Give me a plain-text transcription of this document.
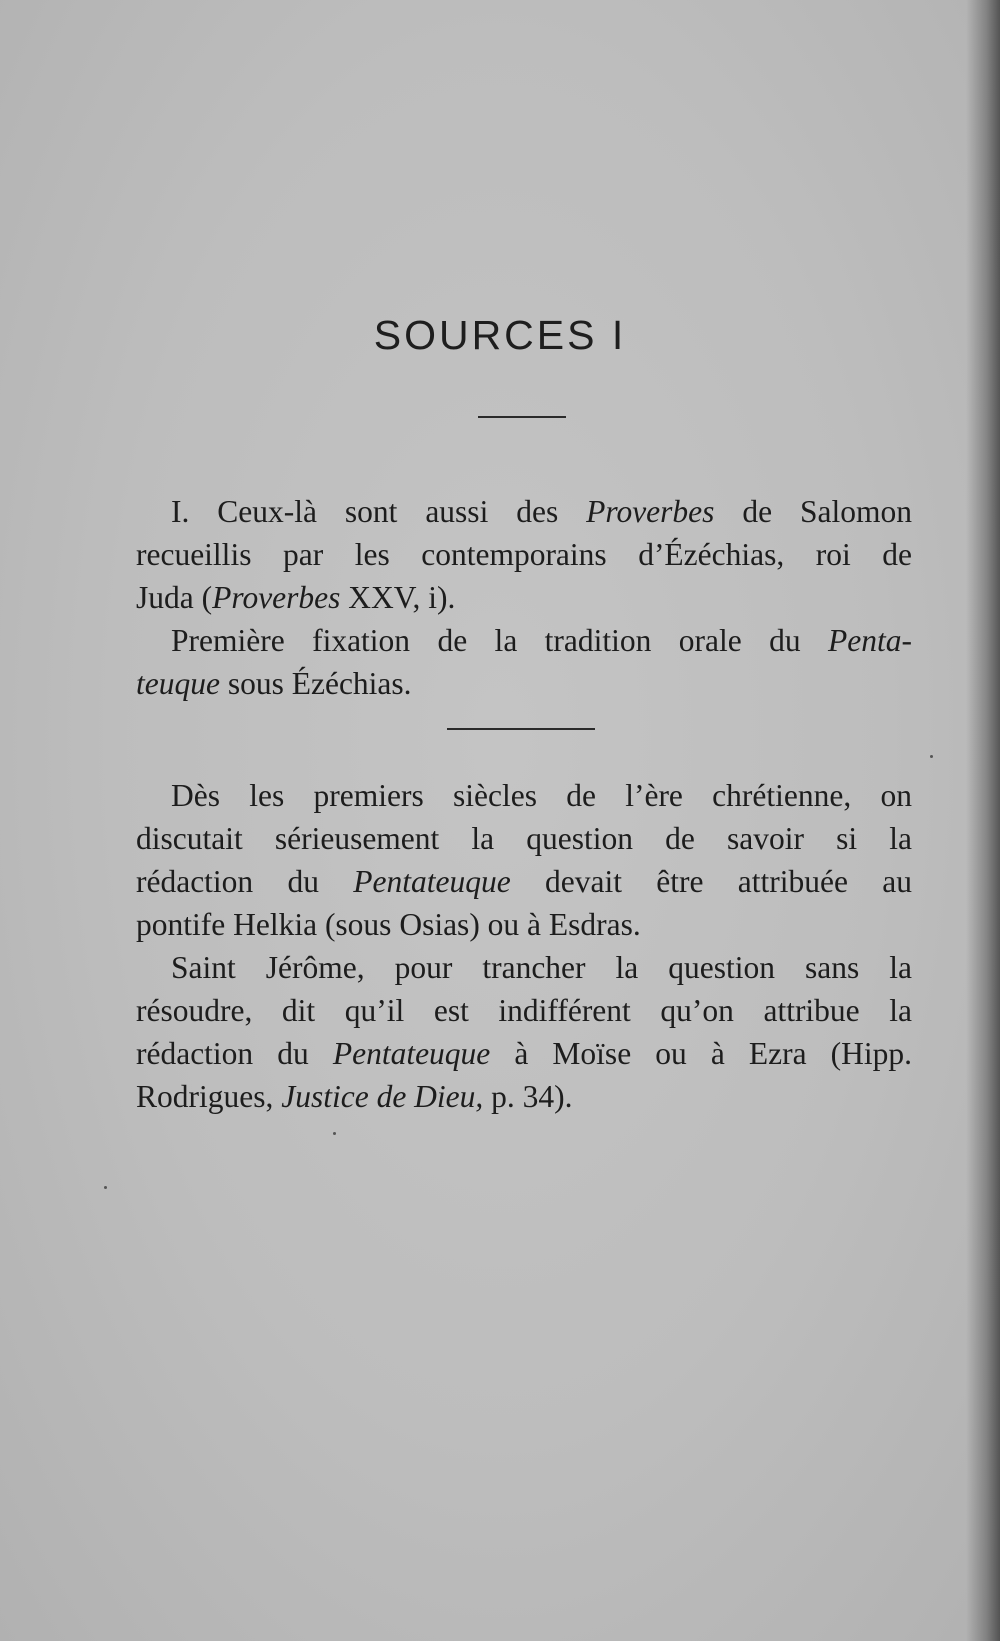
SOURCES I
I. Ceux-là sont aussi des Proverbes de Salomon
recueillis par les contemporains d’Ézéchias, roi de
Juda (Proverbes XXV, i).
Première fixation de la tradition orale du Penta-
teuque sous Ézéchias.
Dès les premiers siècles de l’ère chrétienne, on
discutait sérieusement la question de savoir si la
rédaction du Pentateuque devait être attribuée au
pontife Helkia (sous Osias) ou à Esdras.
Saint Jérôme, pour trancher la question sans la
résoudre, dit qu’il est indifférent qu’on attribue la
rédaction du Pentateuque à Moïse ou à Ezra (Hipp.
Rodrigues, Justice de Dieu, p. 34).
